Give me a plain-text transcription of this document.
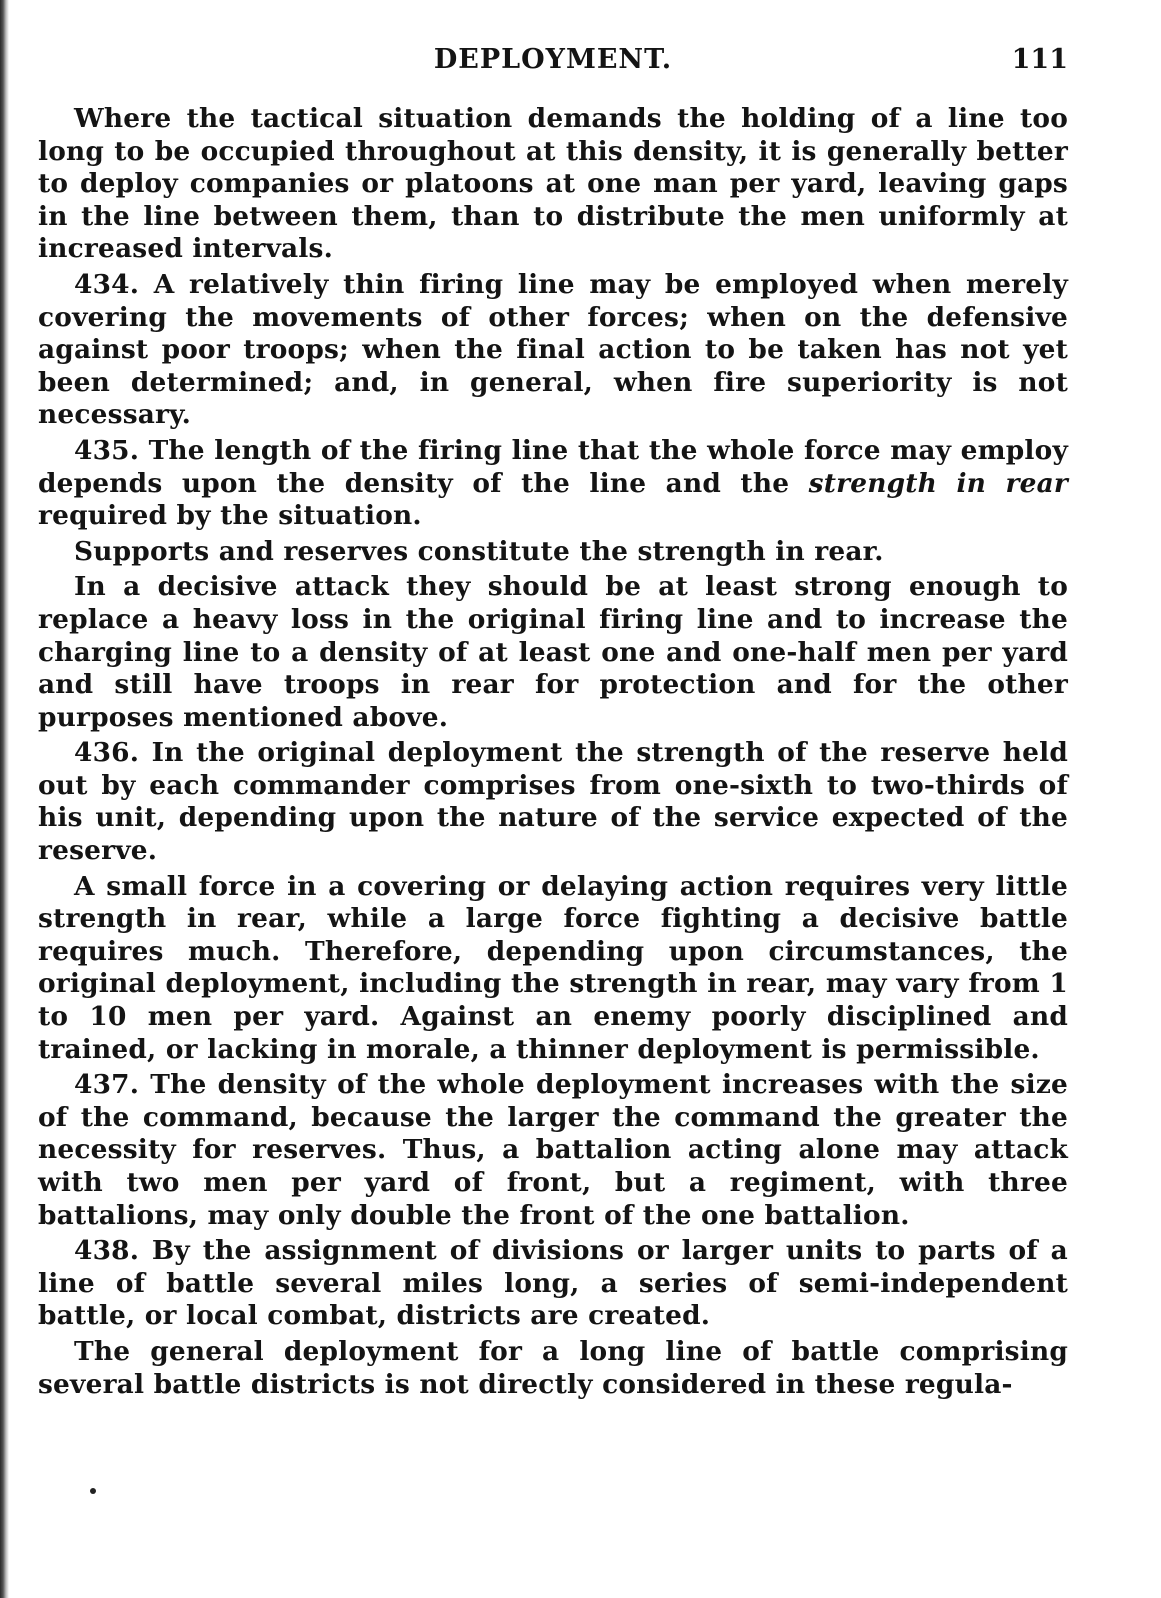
DEPLOYMENT.	111

Where the tactical situation demands the holding of a line too long to be occupied throughout at this density, it is generally better to deploy companies or platoons at one man per yard, leaving gaps in the line between them, than to distribute the men uniformly at increased intervals.

434. A relatively thin firing line may be employed when merely covering the movements of other forces; when on the defensive against poor troops; when the final action to be taken has not yet been determined; and, in general, when fire superiority is not necessary.

435. The length of the firing line that the whole force may employ depends upon the density of the line and the strength in rear required by the situation.

Supports and reserves constitute the strength in rear.

In a decisive attack they should be at least strong enough to replace a heavy loss in the original firing line and to increase the charging line to a density of at least one and one-half men per yard and still have troops in rear for protection and for the other purposes mentioned above.

436. In the original deployment the strength of the reserve held out by each commander comprises from one-sixth to two-thirds of his unit, depending upon the nature of the service expected of the reserve.

A small force in a covering or delaying action requires very little strength in rear, while a large force fighting a decisive battle requires much. Therefore, depending upon circumstances, the original deployment, including the strength in rear, may vary from 1 to 10 men per yard. Against an enemy poorly disciplined and trained, or lacking in morale, a thinner deployment is permissible.

437. The density of the whole deployment increases with the size of the command, because the larger the command the greater the necessity for reserves. Thus, a battalion acting alone may attack with two men per yard of front, but a regiment, with three battalions, may only double the front of the one battalion.

438. By the assignment of divisions or larger units to parts of a line of battle several miles long, a series of semi-independent battle, or local combat, districts are created.

The general deployment for a long line of battle comprising several battle districts is not directly considered in these regula-
